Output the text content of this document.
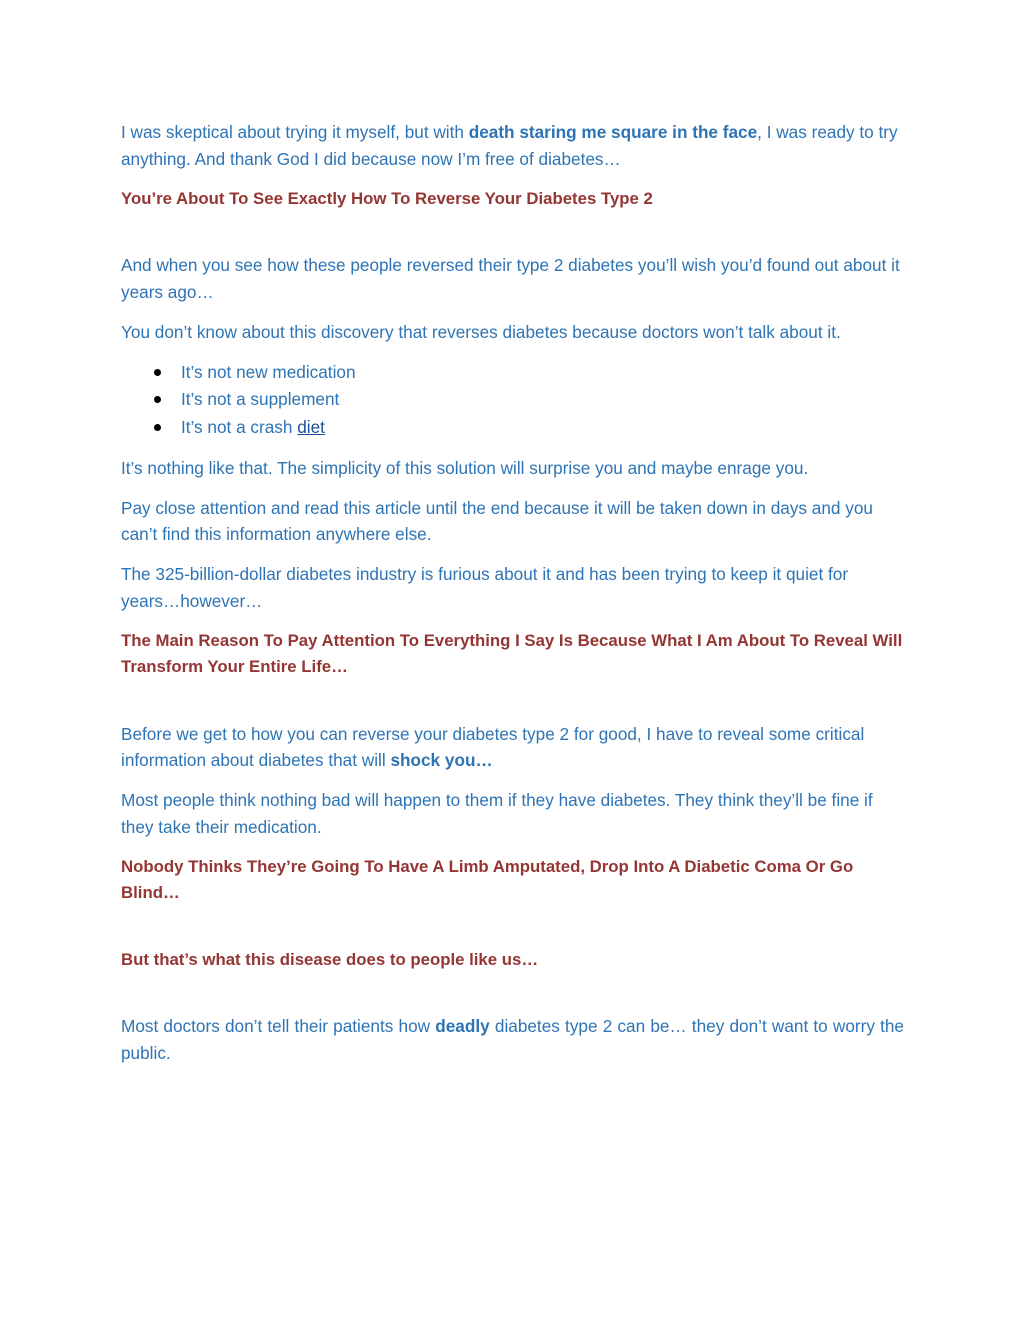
I was skeptical about trying it myself, but with death staring me square in the face, I was ready to try anything. And thank God I did because now I’m free of diabetes…

You’re About To See Exactly How To Reverse Your Diabetes Type 2

And when you see how these people reversed their type 2 diabetes you’ll wish you’d found out about it years ago…

You don’t know about this discovery that reverses diabetes because doctors won’t talk about it.

It’s not new medication
It’s not a supplement
It’s not a crash diet

It’s nothing like that. The simplicity of this solution will surprise you and maybe enrage you.

Pay close attention and read this article until the end because it will be taken down in days and you can’t find this information anywhere else.

The 325-billion-dollar diabetes industry is furious about it and has been trying to keep it quiet for years…however…

The Main Reason To Pay Attention To Everything I Say Is Because What I Am About To Reveal Will Transform Your Entire Life…

Before we get to how you can reverse your diabetes type 2 for good, I have to reveal some critical information about diabetes that will shock you…

Most people think nothing bad will happen to them if they have diabetes. They think they’ll be fine if they take their medication.

Nobody Thinks They’re Going To Have A Limb Amputated, Drop Into A Diabetic Coma Or Go Blind…

But that’s what this disease does to people like us…

Most doctors don’t tell their patients how deadly diabetes type 2 can be… they don’t want to worry the public.
